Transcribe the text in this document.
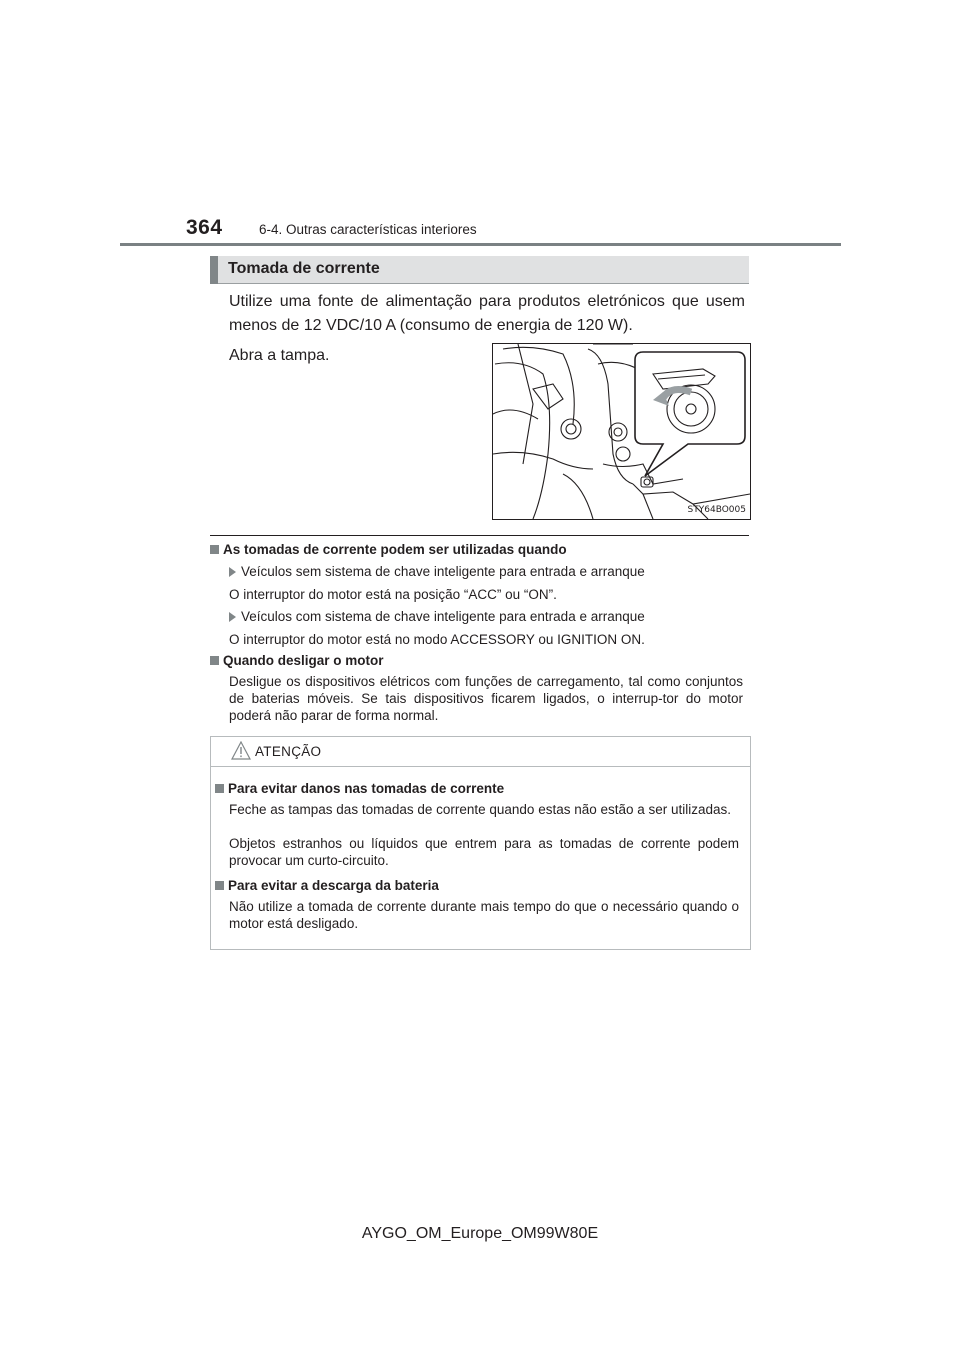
364	6-4. Outras características interiores
Tomada de corrente
Utilize uma fonte de alimentação para produtos eletrónicos que usem menos de 12 VDC/10 A (consumo de energia de 120 W).
Abra a tampa.
STY64BO005
As tomadas de corrente podem ser utilizadas quando
Veículos sem sistema de chave inteligente para entrada e arranque
O interruptor do motor está na posição “ACC” ou “ON”.
Veículos com sistema de chave inteligente para entrada e arranque
O interruptor do motor está no modo ACCESSORY ou IGNITION ON.
Quando desligar o motor
Desligue os dispositivos elétricos com funções de carregamento, tal como conjuntos de baterias móveis. Se tais dispositivos ficarem ligados, o interrup-tor do motor poderá não parar de forma normal.
ATENÇÃO
Para evitar danos nas tomadas de corrente
Feche as tampas das tomadas de corrente quando estas não estão a ser utilizadas.
Objetos estranhos ou líquidos que entrem para as tomadas de corrente podem provocar um curto-circuito.
Para evitar a descarga da bateria
Não utilize a tomada de corrente durante mais tempo do que o necessário quando o motor está desligado.
AYGO_OM_Europe_OM99W80E
